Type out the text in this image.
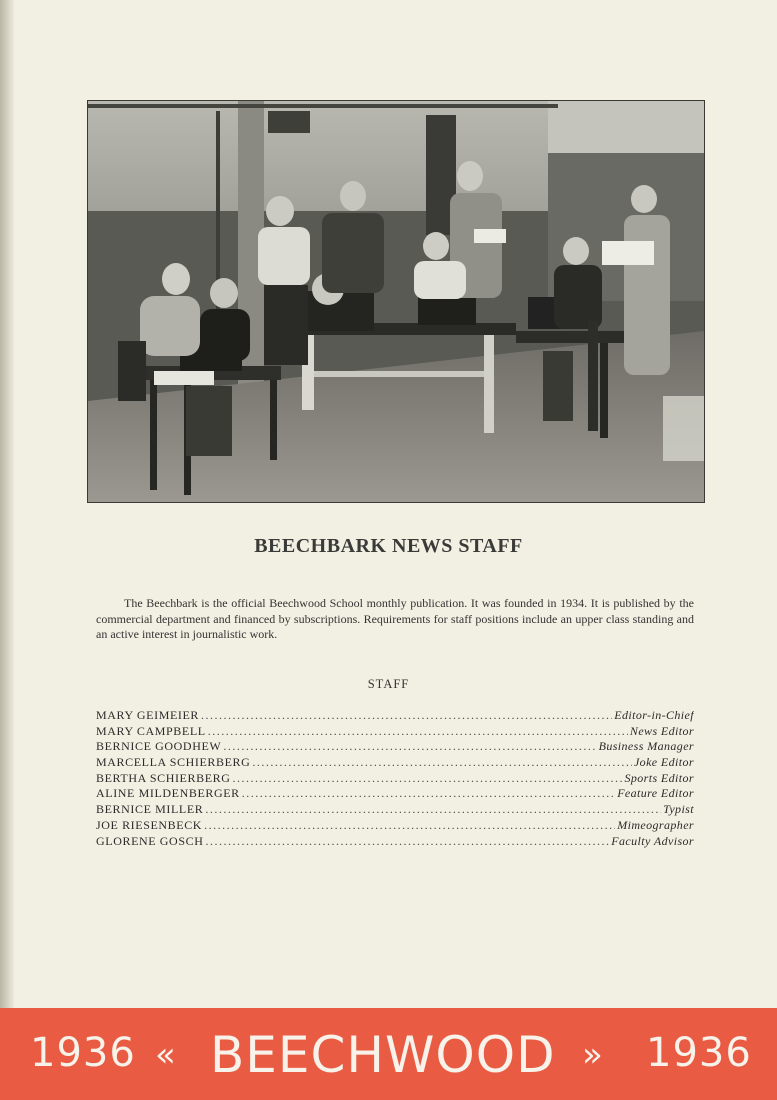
BEECHBARK NEWS STAFF

The Beechbark is the official Beechwood School monthly publication. It was founded in 1934. It is published by the commercial department and financed by subscriptions. Requirements for staff positions include an upper class standing and an active interest in journalistic work.

STAFF
MARY GEIMEIER .....	Editor-in-Chief
MARY CAMPBELL .....	News Editor
BERNICE GOODHEW .....	Business Manager
MARCELLA SCHIERBERG .....	Joke Editor
BERTHA SCHIERBERG .....	Sports Editor
ALINE MILDENBERGER .....	Feature Editor
BERNICE MILLER .....	Typist
JOE RIESENBECK .....	Mimeographer
GLORENE GOSCH .....	Faculty Advisor
1936 « BEECHWOOD » 1936
